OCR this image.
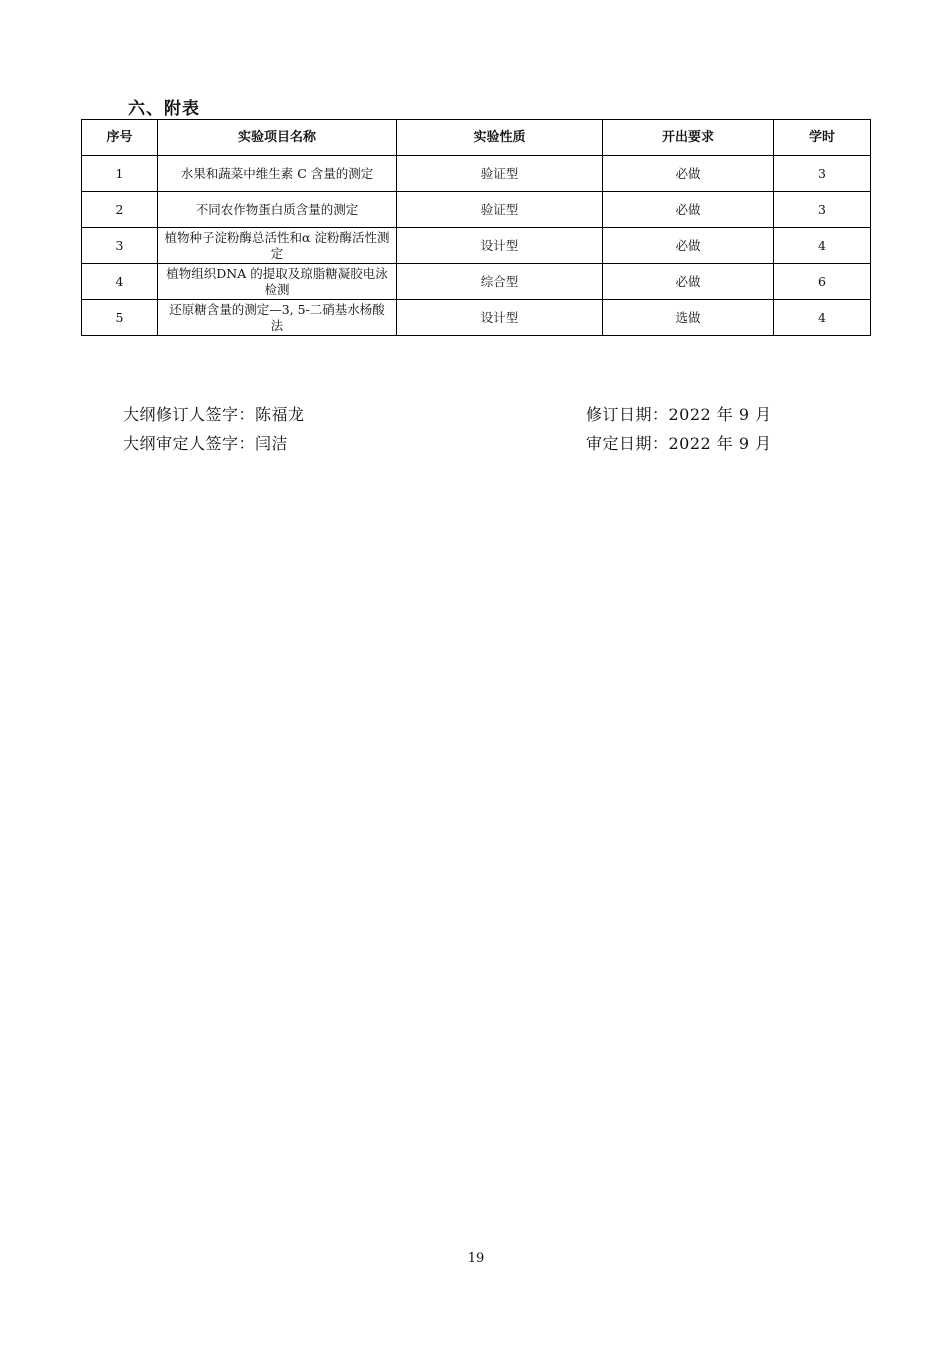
六、附表
序号	实验项目名称	实验性质	开出要求	学时
1	水果和蔬菜中维生素 C 含量的测定	验证型	必做	3
2	不同农作物蛋白质含量的测定	验证型	必做	3
3	植物种子淀粉酶总活性和α 淀粉酶活性测定	设计型	必做	4
4	植物组织DNA 的提取及琼脂糖凝胶电泳检测	综合型	必做	6
5	还原糖含量的测定—3, 5-二硝基水杨酸法	设计型	选做	4
大纲修订人签字：陈福龙	修订日期：2022 年 9 月
大纲审定人签字：闫洁	审定日期：2022 年 9 月
19
